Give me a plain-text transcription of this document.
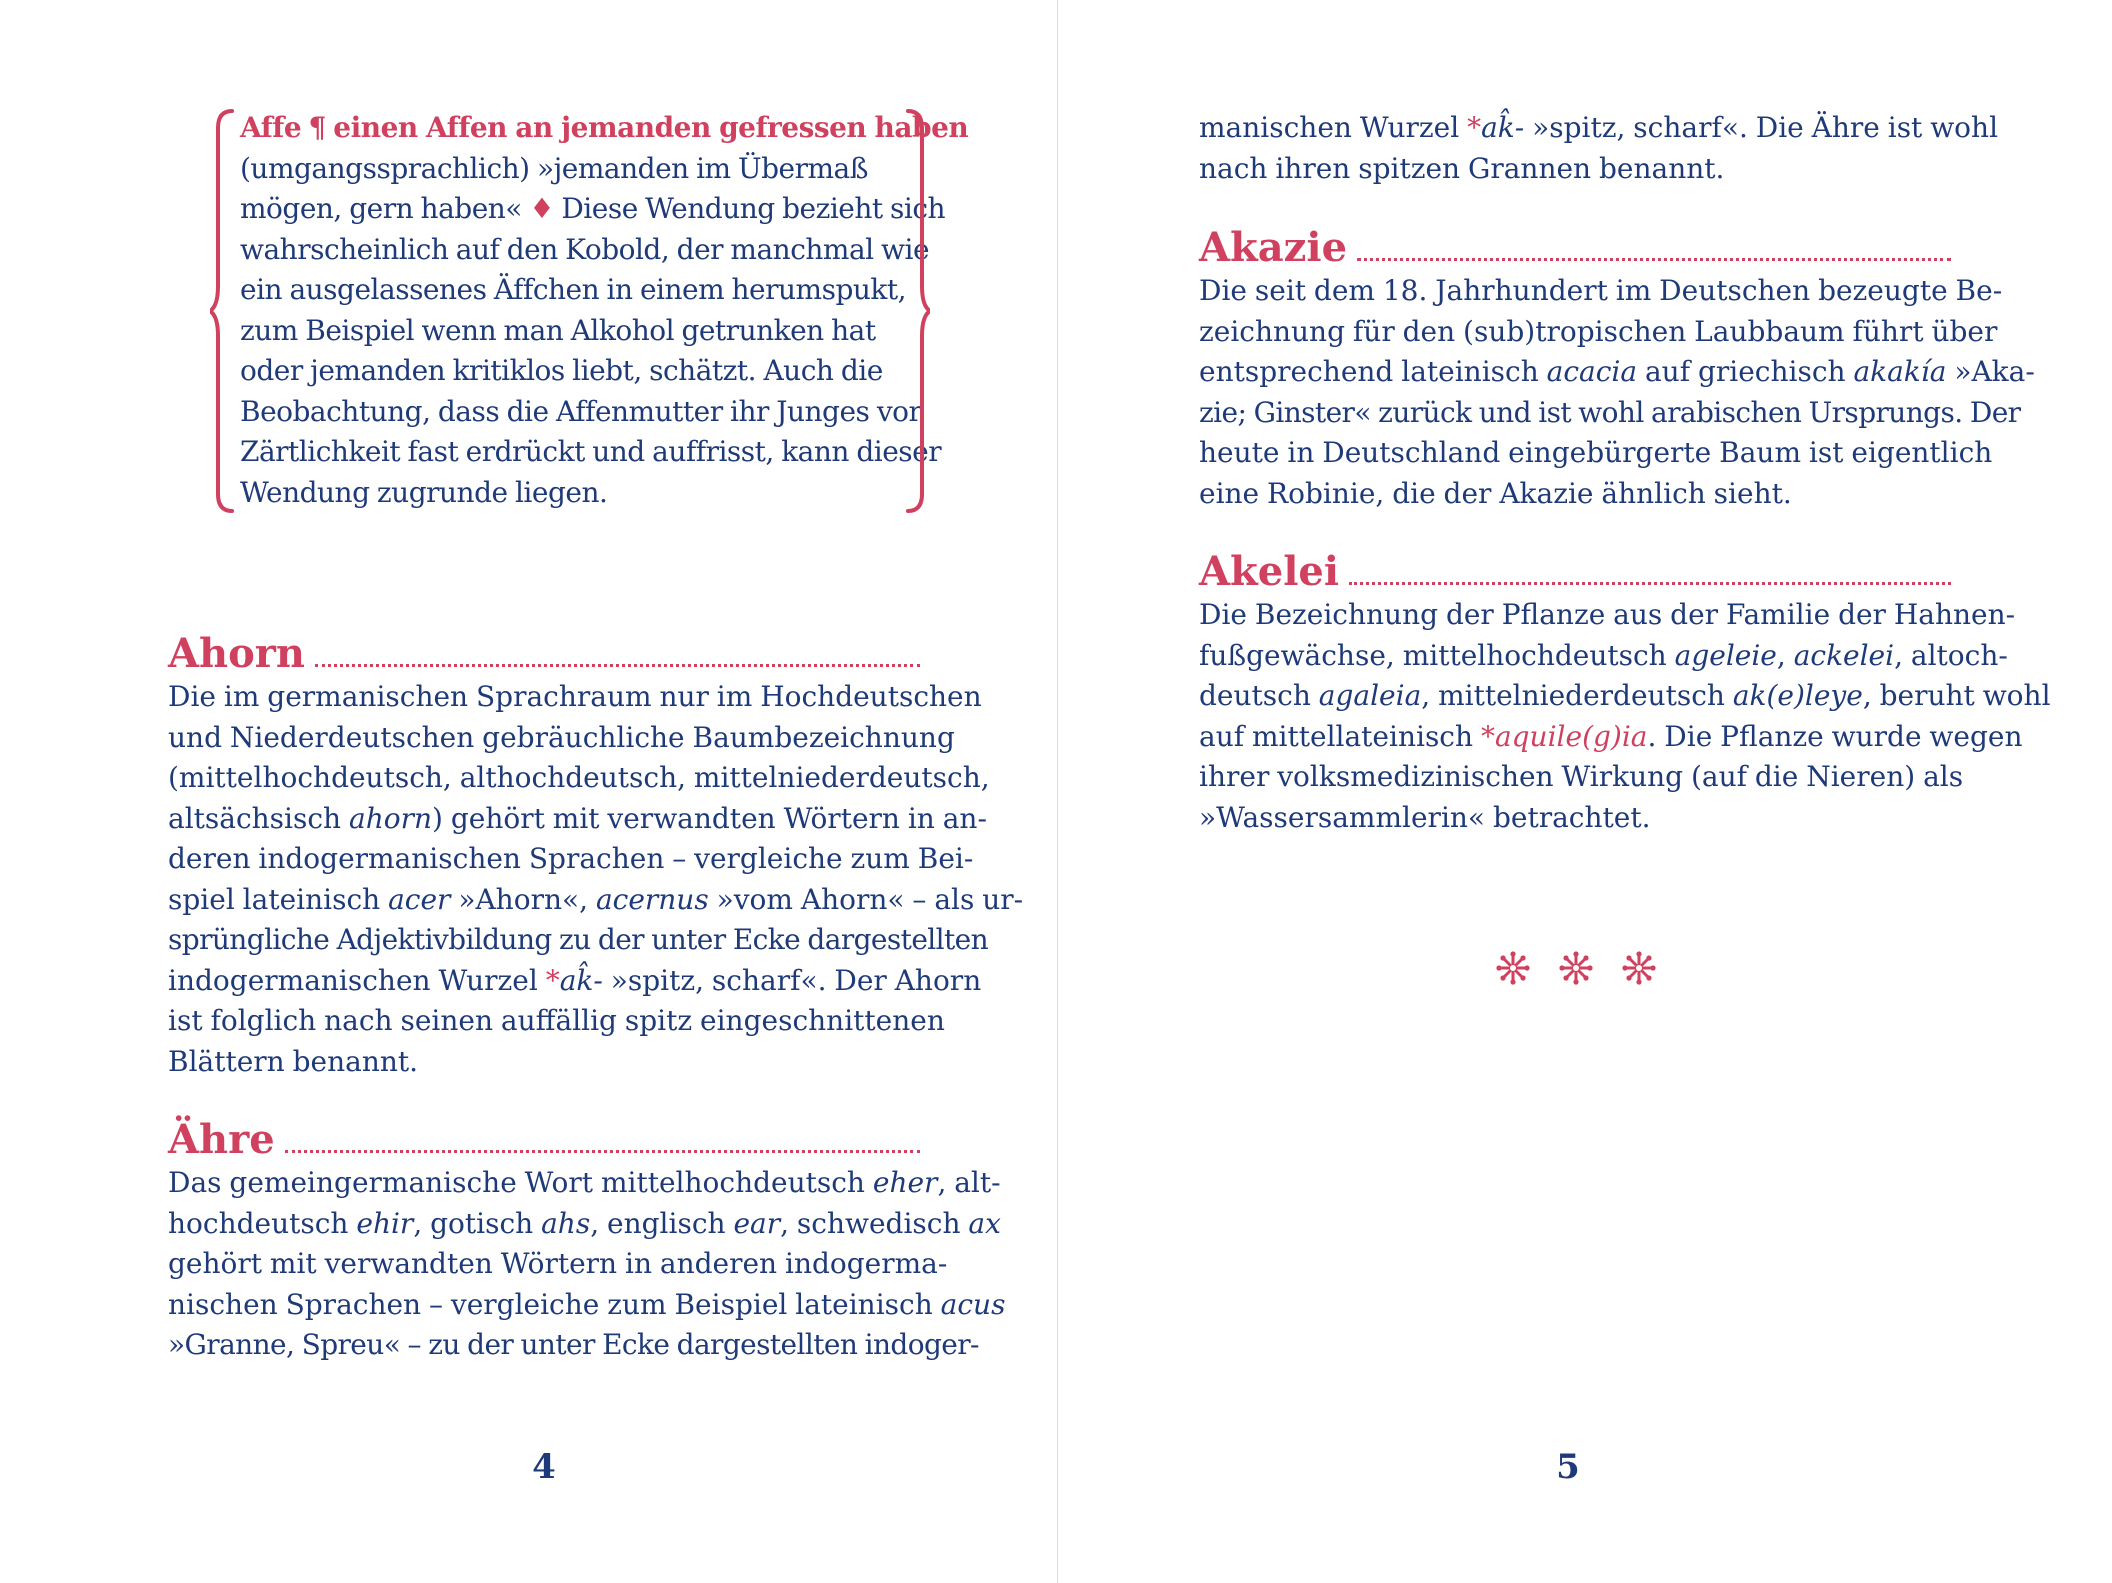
Affe ¶ einen Affen an jemanden gefressen haben
(umgangssprachlich) »jemanden im Übermaß
mögen, gern haben« ♦ Diese Wendung bezieht sich
wahrscheinlich auf den Kobold, der manchmal wie
ein ausgelassenes Äffchen in einem herumspukt,
zum Beispiel wenn man Alkohol getrunken hat
oder jemanden kritiklos liebt, schätzt. Auch die
Beobachtung, dass die Affenmutter ihr Junges vor
Zärtlichkeit fast erdrückt und auffrisst, kann dieser
Wendung zugrunde liegen.
Ahorn
Die im germanischen Sprachraum nur im Hochdeutschen
und Niederdeutschen gebräuchliche Baumbezeichnung
(mittelhochdeutsch, althochdeutsch, mittelniederdeutsch,
altsächsisch ahorn) gehört mit verwandten Wörtern in an-
deren indogermanischen Sprachen – vergleiche zum Bei-
spiel lateinisch acer »Ahorn«, acernus »vom Ahorn« – als ur-
sprüngliche Adjektivbildung zu der unter Ecke dargestellten
indogermanischen Wurzel *ak̂- »spitz, scharf«. Der Ahorn
ist folglich nach seinen auffällig spitz eingeschnittenen
Blättern benannt.
Ähre
Das gemeingermanische Wort mittelhochdeutsch eher, alt-
hochdeutsch ehir, gotisch ahs, englisch ear, schwedisch ax
gehört mit verwandten Wörtern in anderen indogerma-
nischen Sprachen – vergleiche zum Beispiel lateinisch acus
»Granne, Spreu« – zu der unter Ecke dargestellten indoger-
4
manischen Wurzel *ak̂- »spitz, scharf«. Die Ähre ist wohl
nach ihren spitzen Grannen benannt.
Akazie
Die seit dem 18. Jahrhundert im Deutschen bezeugte Be-
zeichnung für den (sub)tropischen Laubbaum führt über
entsprechend lateinisch acacia auf griechisch akakía »Aka-
zie; Ginster« zurück und ist wohl arabischen Ursprungs. Der
heute in Deutschland eingebürgerte Baum ist eigentlich
eine Robinie, die der Akazie ähnlich sieht.
Akelei
Die Bezeichnung der Pflanze aus der Familie der Hahnen-
fußgewächse, mittelhochdeutsch ageleie, ackelei, altoch-
deutsch agaleia, mittelniederdeutsch ak(e)leye, beruht wohl
auf mittellateinisch *aquile(g)ia. Die Pflanze wurde wegen
ihrer volksmedizinischen Wirkung (auf die Nieren) als
»Wassersammlerin« betrachtet.
5
